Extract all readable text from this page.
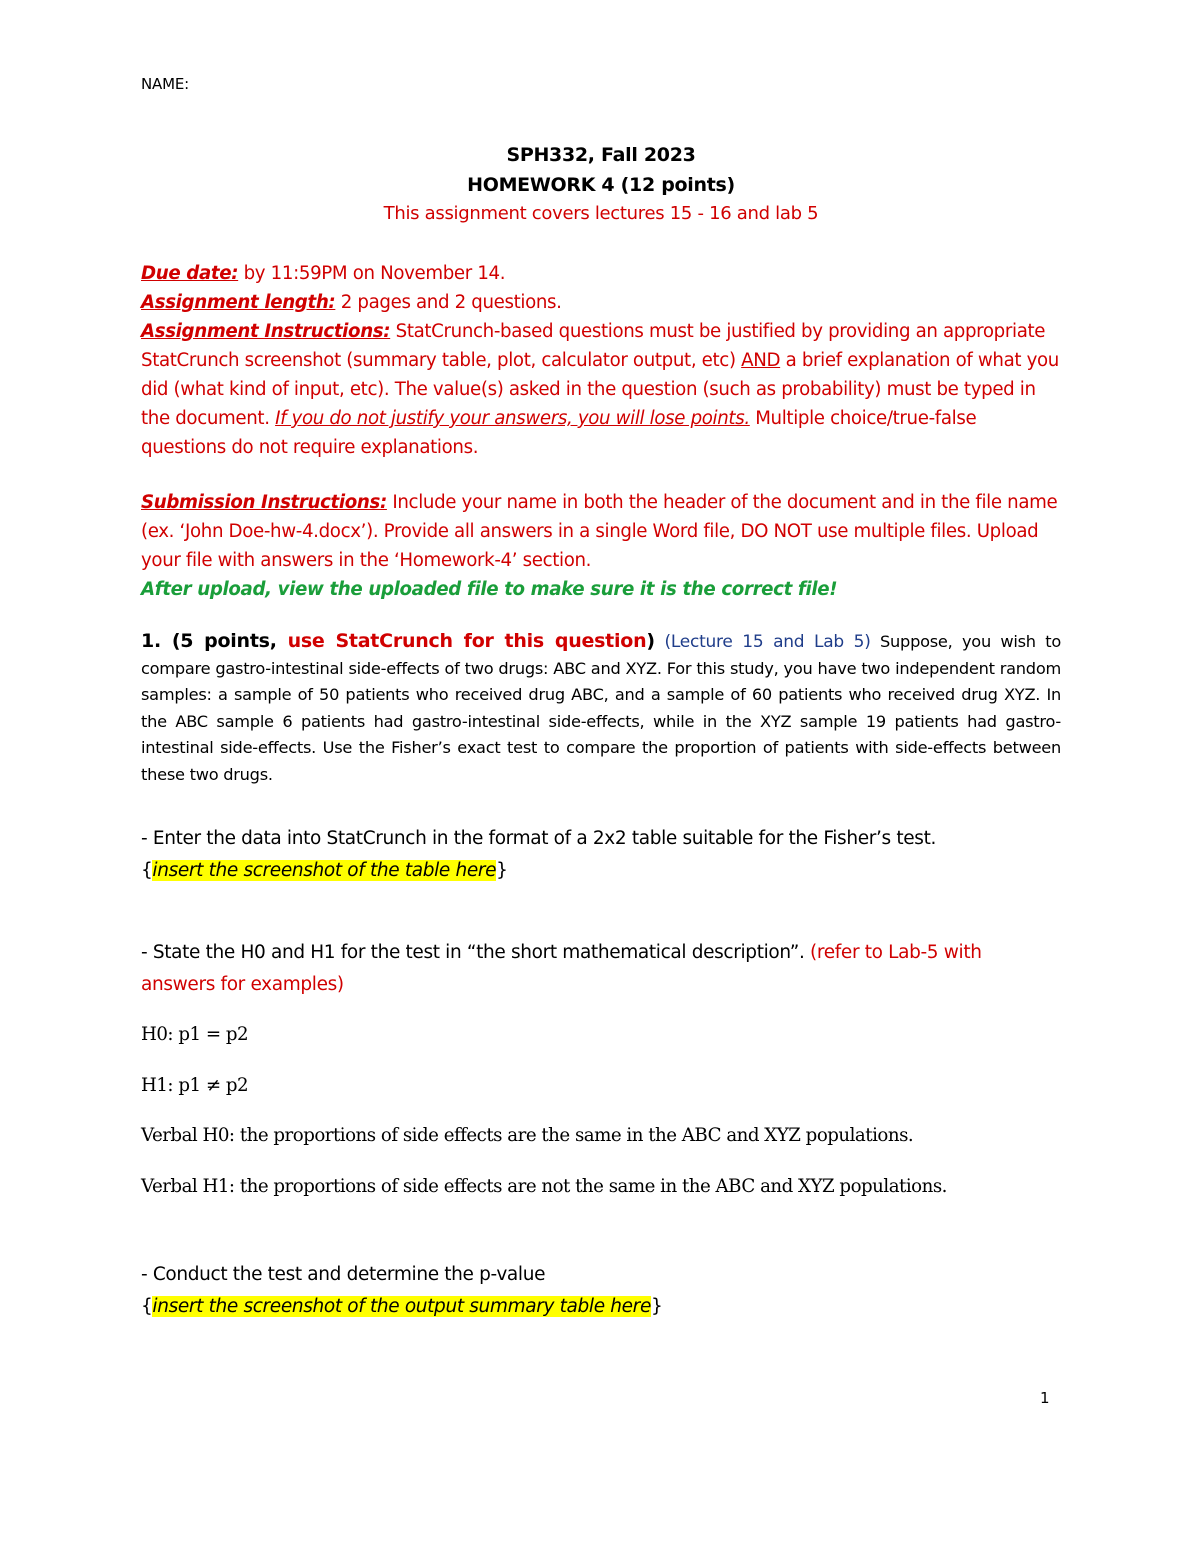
NAME:

SPH332, Fall 2023

HOMEWORK 4 (12 points)

This assignment covers lectures 15 - 16 and lab 5

Due date: by 11:59PM on November 14.
Assignment length: 2 pages and 2 questions.
Assignment Instructions: StatCrunch-based questions must be justified by providing an appropriate StatCrunch screenshot (summary table, plot, calculator output, etc) AND a brief explanation of what you did (what kind of input, etc). The value(s) asked in the question (such as probability) must be typed in the document. If you do not justify your answers, you will lose points. Multiple choice/true-false questions do not require explanations.
Submission Instructions: Include your name in both the header of the document and in the file name (ex. ‘John Doe-hw-4.docx’). Provide all answers in a single Word file, DO NOT use multiple files. Upload your file with answers in the ‘Homework-4’ section.
After upload, view the uploaded file to make sure it is the correct file!
1. (5 points, use StatCrunch for this question) (Lecture 15 and Lab 5) Suppose, you wish to compare gastro-intestinal side-effects of two drugs: ABC and XYZ. For this study, you have two independent random samples: a sample of 50 patients who received drug ABC, and a sample of 60 patients who received drug XYZ. In the ABC sample 6 patients had gastro-intestinal side-effects, while in the XYZ sample 19 patients had gastro-intestinal side-effects. Use the Fisher’s exact test to compare the proportion of patients with side-effects between these two drugs.
- Enter the data into StatCrunch in the format of a 2x2 table suitable for the Fisher’s test.
{insert the screenshot of the table here}
- State the H0 and H1 for the test in “the short mathematical description”. (refer to Lab-5 with answers for examples)
H0: p1 = p2
H1: p1 ≠ p2
Verbal H0: the proportions of side effects are the same in the ABC and XYZ populations.
Verbal H1: the proportions of side effects are not the same in the ABC and XYZ populations.
- Conduct the test and determine the p-value
{insert the screenshot of the output summary table here}
1
